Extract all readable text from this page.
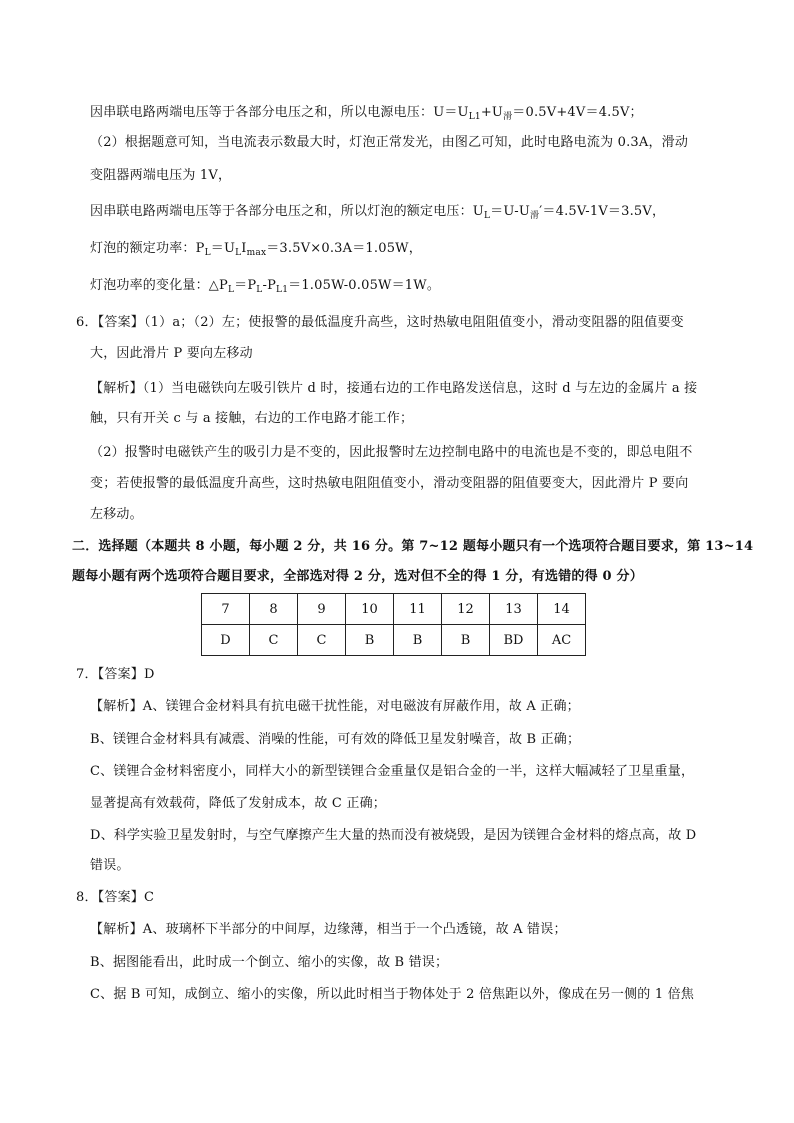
因串联电路两端电压等于各部分电压之和，所以电源电压：$U=U_{L1}+U_滑=0.5V+4V=4.5V$；
（2）根据题意可知，当电流表示数最大时，灯泡正常发光，由图乙可知，此时电路电流为 0.3A，滑动
变阻器两端电压为 1V，
因串联电路两端电压等于各部分电压之和，所以灯泡的额定电压：$U_L=U-U_滑'=4.5V-1V=3.5V$，
灯泡的额定功率：$P_L=U_LI_{max}=3.5V\times 0.3A=1.05W$，
灯泡功率的变化量：$\triangle P_L=P_L-P_{L1}=1.05W-0.05W=1W$。
6．【答案】（1）a；（2）左；使报警的最低温度升高些，这时热敏电阻阻值变小，滑动变阻器的阻值要变
大，因此滑片 P 要向左移动
【解析】（1）当电磁铁向左吸引铁片 d 时，接通右边的工作电路发送信息，这时 d 与左边的金属片 a 接
触，只有开关 c 与 a 接触，右边的工作电路才能工作；
（2）报警时电磁铁产生的吸引力是不变的，因此报警时左边控制电路中的电流也是不变的，即总电阻不
变；若使报警的最低温度升高些，这时热敏电阻阻值变小，滑动变阻器的阻值要变大，因此滑片 P 要向
左移动。
二．选择题（本题共 8 小题，每小题 2 分，共 16 分。第 7~12 题每小题只有一个选项符合题目要求，第 13~14
题每小题有两个选项符合题目要求，全部选对得 2 分，选对但不全的得 1 分，有选错的得 0 分）
7	8	9	10	11	12	13	14
D	C	C	B	B	B	BD	AC
7．【答案】D
【解析】A、镁锂合金材料具有抗电磁干扰性能，对电磁波有屏蔽作用，故 A 正确；
B、镁锂合金材料具有减震、消噪的性能，可有效的降低卫星发射噪音，故 B 正确；
C、镁锂合金材料密度小，同样大小的新型镁锂合金重量仅是铝合金的一半，这样大幅减轻了卫星重量，
显著提高有效载荷，降低了发射成本，故 C 正确；
D、科学实验卫星发射时，与空气摩擦产生大量的热而没有被烧毁，是因为镁锂合金材料的熔点高，故 D
错误。
8．【答案】C
【解析】A、玻璃杯下半部分的中间厚，边缘薄，相当于一个凸透镜，故 A 错误；
B、据图能看出，此时成一个倒立、缩小的实像，故 B 错误；
C、据 B 可知，成倒立、缩小的实像，所以此时相当于物体处于 2 倍焦距以外，像成在另一侧的 1 倍焦
